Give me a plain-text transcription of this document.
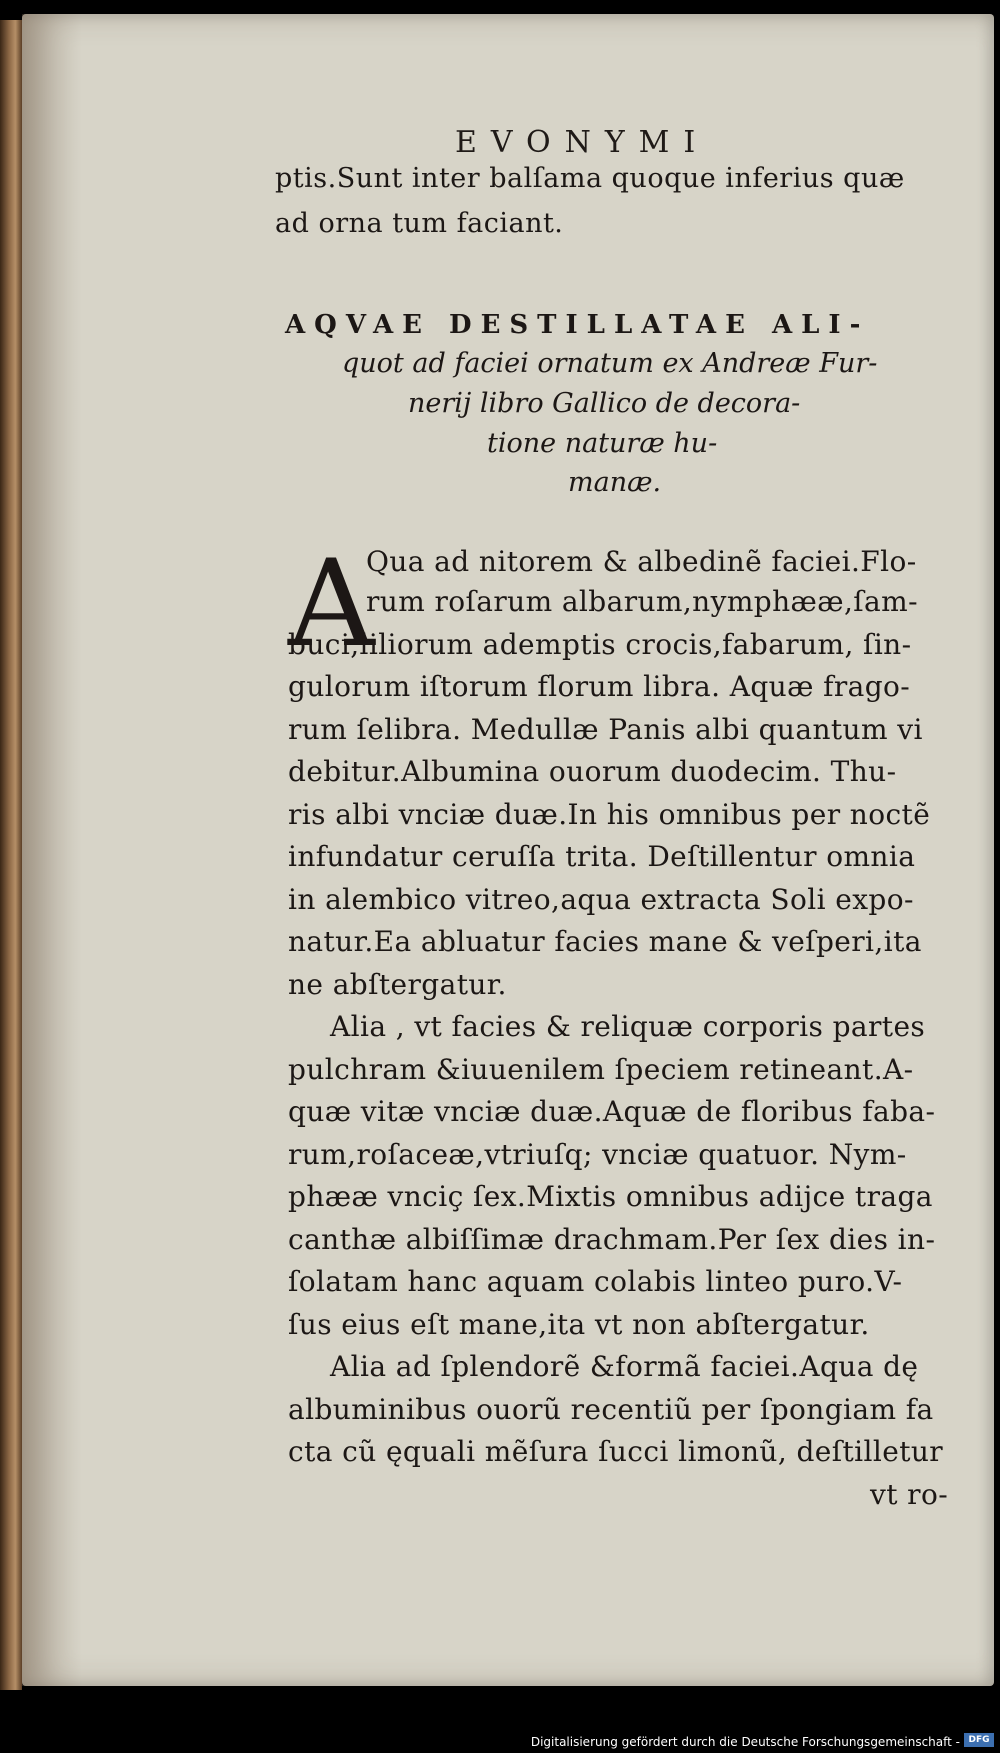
EVONYMI
ptis.Sunt inter balſama quoque inferius quæ
ad orna tum faciant.
AQVAE DESTILLATAE ALI-
quot ad faciei ornatum ex Andreæ Fur-
nerij libro Gallico de decora-
tione naturæ hu-
manæ.
A
Qua ad nitorem & albedinẽ faciei.Flo-
rum roſarum albarum,nymphææ,ſam-
buci,liliorum ademptis crocis,fabarum, ſin-
gulorum iſtorum florum libra. Aquæ frago-
rum ſelibra. Medullæ Panis albi quantum vi
debitur.Albumina ouorum duodecim. Thu-
ris albi vnciæ duæ.In his omnibus per noctẽ
infundatur ceruſſa trita. Deſtillentur omnia
in alembico vitreo,aqua extracta Soli expo-
natur.Ea abluatur facies mane & veſperi,ita
ne abſtergatur.
Alia , vt facies & reliquæ corporis partes
pulchram &iuuenilem ſpeciem retineant.A-
quæ vitæ vnciæ duæ.Aquæ de floribus faba-
rum,roſaceæ,vtriuſq; vnciæ quatuor. Nym-
phææ vnciç ſex.Mixtis omnibus adijce traga
canthæ albiſſimæ drachmam.Per ſex dies in-
ſolatam hanc aquam colabis linteo puro.V-
ſus eius eſt mane,ita vt non abſtergatur.
Alia ad ſplendorẽ &formã faciei.Aqua dę
albuminibus ouorũ recentiũ per ſpongiam fa
cta cũ ęquali mẽſura ſucci limonũ, deſtilletur
vt ro-
Digitalisierung gefördert durch die Deutsche Forschungsgemeinschaft - DFG
